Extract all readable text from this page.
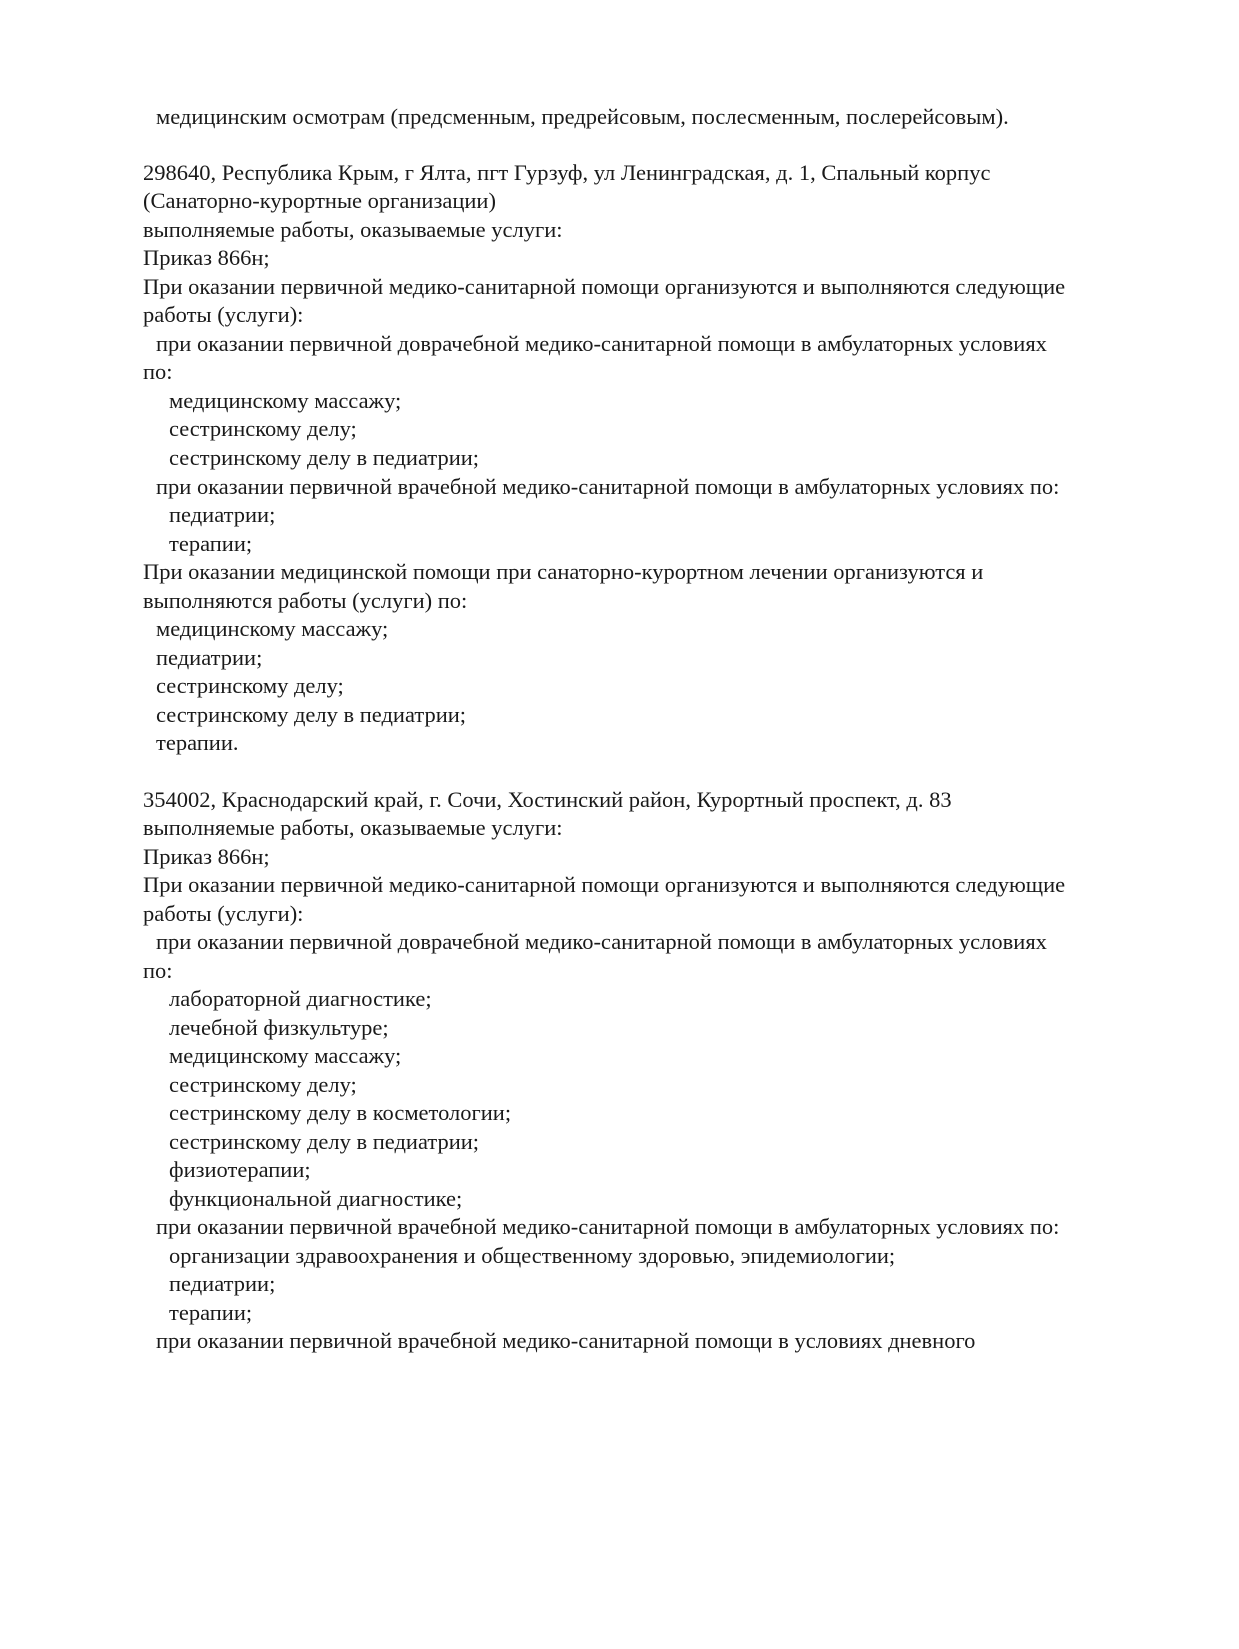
медицинским осмотрам (предсменным, предрейсовым, послесменным, послерейсовым).

298640, Республика Крым, г Ялта, пгт Гурзуф, ул Ленинградская, д. 1, Спальный корпус

(Санаторно-курортные организации)

выполняемые работы, оказываемые услуги:

Приказ 866н;

При оказании первичной медико-санитарной помощи организуются и выполняются следующие

работы (услуги):

при оказании первичной доврачебной медико-санитарной помощи в амбулаторных условиях

по:

медицинскому массажу;

сестринскому делу;

сестринскому делу в педиатрии;

при оказании первичной врачебной медико-санитарной помощи в амбулаторных условиях по:

педиатрии;

терапии;

При оказании медицинской помощи при санаторно-курортном лечении организуются и

выполняются работы (услуги) по:

медицинскому массажу;

педиатрии;

сестринскому делу;

сестринскому делу в педиатрии;

терапии.

354002, Краснодарский край, г. Сочи, Хостинский район, Курортный проспект, д. 83

выполняемые работы, оказываемые услуги:

Приказ 866н;

При оказании первичной медико-санитарной помощи организуются и выполняются следующие

работы (услуги):

при оказании первичной доврачебной медико-санитарной помощи в амбулаторных условиях

по:

лабораторной диагностике;

лечебной физкультуре;

медицинскому массажу;

сестринскому делу;

сестринскому делу в косметологии;

сестринскому делу в педиатрии;

физиотерапии;

функциональной диагностике;

при оказании первичной врачебной медико-санитарной помощи в амбулаторных условиях по:

организации здравоохранения и общественному здоровью, эпидемиологии;

педиатрии;

терапии;

при оказании первичной врачебной медико-санитарной помощи в условиях дневного
